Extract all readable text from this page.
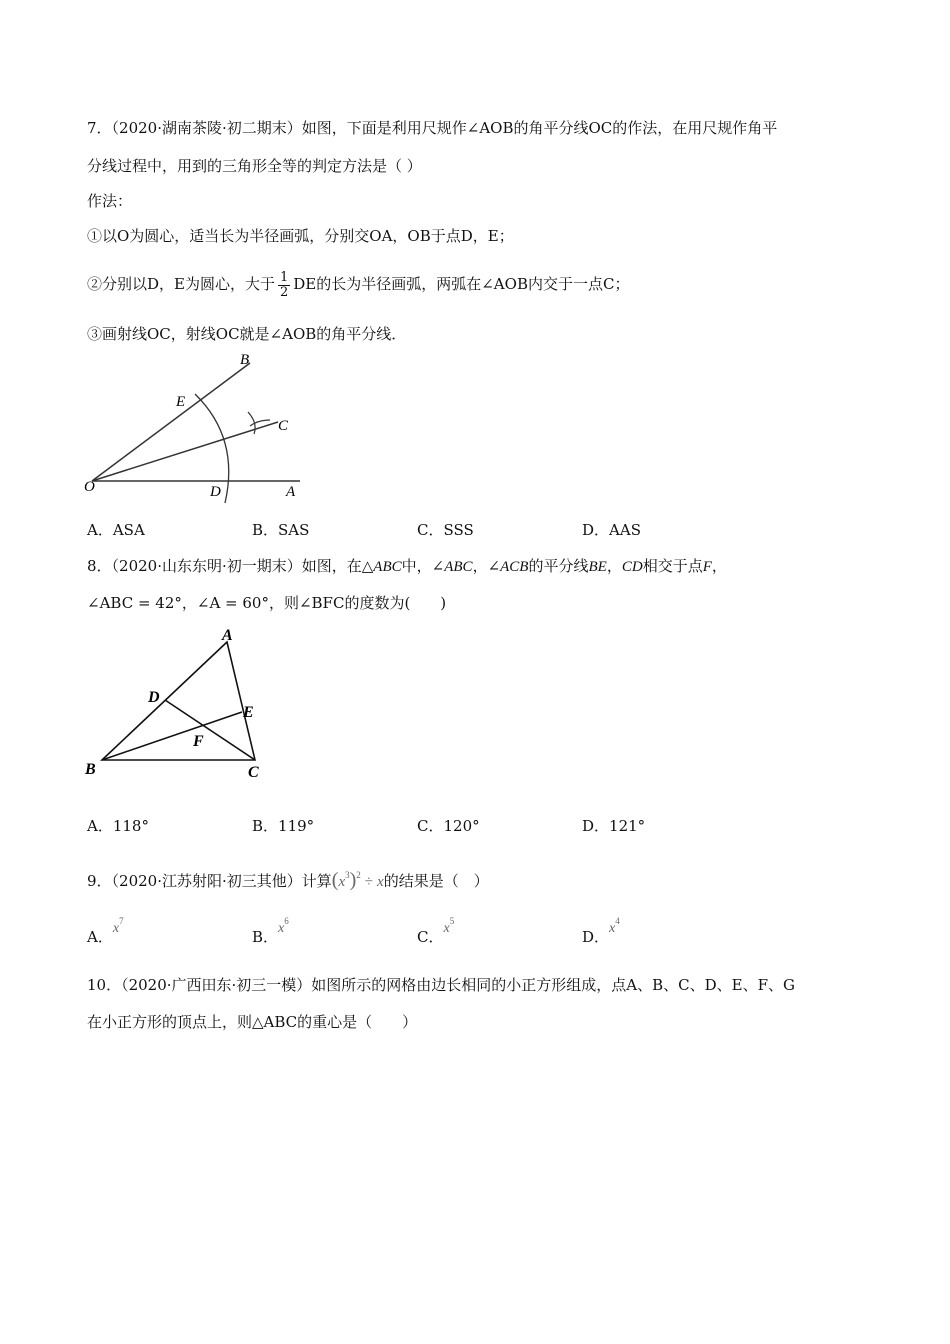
7．（2020·湖南茶陵·初二期末）如图，下面是利用尺规作∠AOB的角平分线OC的作法，在用尺规作角平
分线过程中，用到的三角形全等的判定方法是（ ）
作法：
①以O为圆心，适当长为半径画弧，分别交OA，OB于点D，E；
②分别以D，E为圆心，大于 $\frac{1}{2}$ DE的长为半径画弧，两弧在∠AOB内交于一点C；
③画射线OC，射线OC就是∠AOB的角平分线．
B
E
C
O	D	A
A．ASA	B．SAS	C．SSS	D．AAS
8．（2020·山东东明·初一期末）如图，在△ABC中，∠ABC，∠ACB的平分线BE，CD相交于点F，
∠ABC = 42°，∠A = 60°，则∠BFC的度数为(　　)
A
D
E
F
B	C
A．118°	B．119°	C．120°	D．121°
9．（2020·江苏射阳·初三其他）计算$(x^3)^2 \div x$的结果是（　）
A．$x^7$
B．$x^6$
C．$x^5$
D．$x^4$
10．（2020·广西田东·初三一模）如图所示的网格由边长相同的小正方形组成，点A、B、C、D、E、F、G
在小正方形的顶点上，则△ABC的重心是（　　）
